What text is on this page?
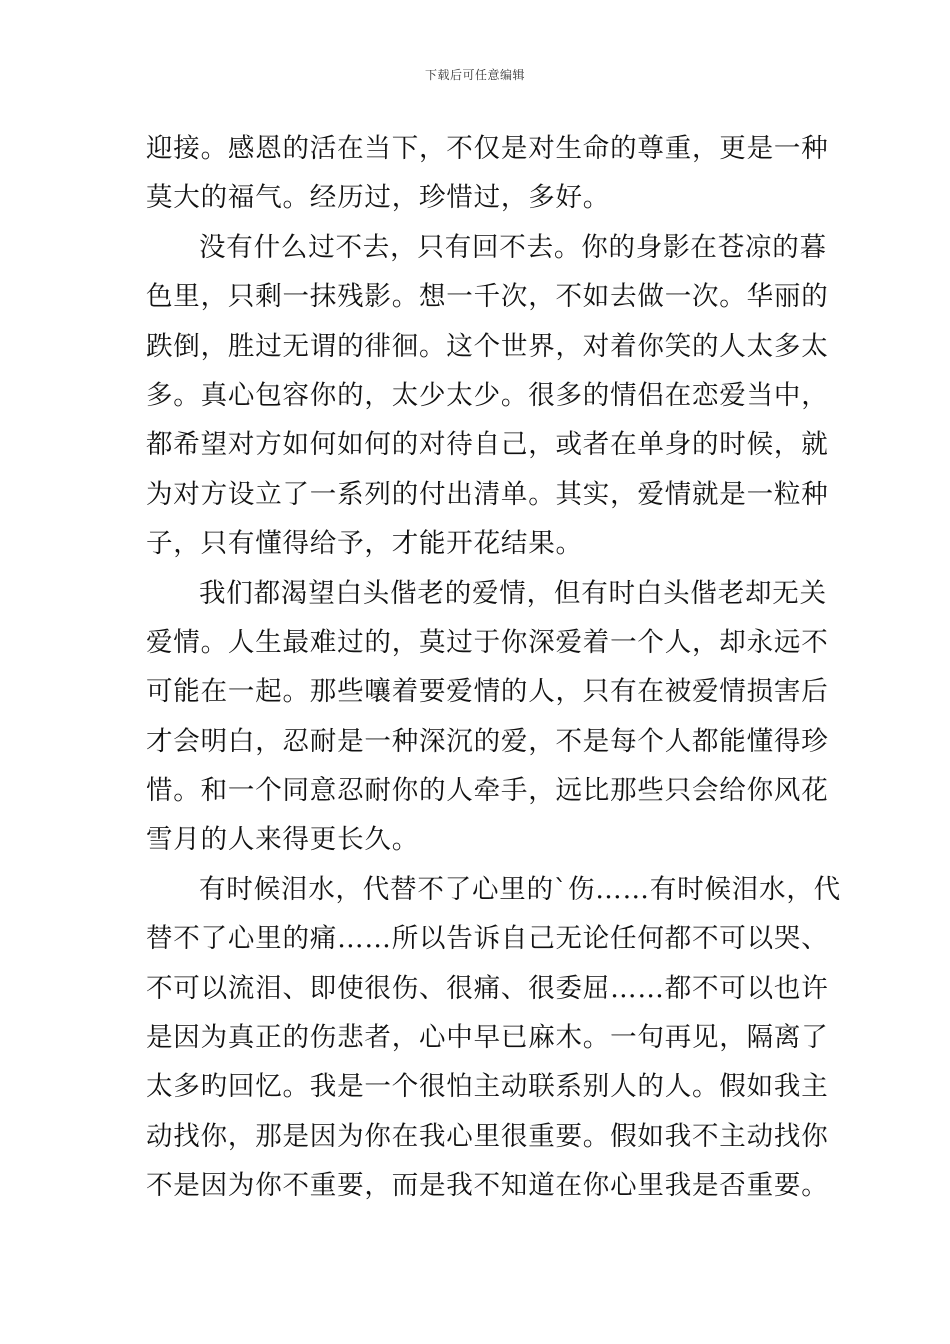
下载后可任意编辑
迎接。感恩的活在当下，不仅是对生命的尊重，更是一种
莫大的福气。经历过，珍惜过，多好。
没有什么过不去，只有回不去。你的身影在苍凉的暮
色里，只剩一抹残影。想一千次，不如去做一次。华丽的
跌倒，胜过无谓的徘徊。这个世界，对着你笑的人太多太
多。真心包容你的，太少太少。很多的情侣在恋爱当中，
都希望对方如何如何的对待自己，或者在单身的时候，就
为对方设立了一系列的付出清单。其实，爱情就是一粒种
子，只有懂得给予，才能开花结果。
我们都渴望白头偕老的爱情，但有时白头偕老却无关
爱情。人生最难过的，莫过于你深爱着一个人，却永远不
可能在一起。那些嚷着要爱情的人，只有在被爱情损害后
才会明白，忍耐是一种深沉的爱，不是每个人都能懂得珍
惜。和一个同意忍耐你的人牵手，远比那些只会给你风花
雪月的人来得更长久。
有时候泪水，代替不了心里的`伤……有时候泪水，代
替不了心里的痛……所以告诉自己无论任何都不可以哭、
不可以流泪、即使很伤、很痛、很委屈……都不可以也许
是因为真正的伤悲者，心中早已麻木。一句再见，隔离了
太多旳回忆。我是一个很怕主动联系别人的人。假如我主
动找你，那是因为你在我心里很重要。假如我不主动找你
不是因为你不重要，而是我不知道在你心里我是否重要。
